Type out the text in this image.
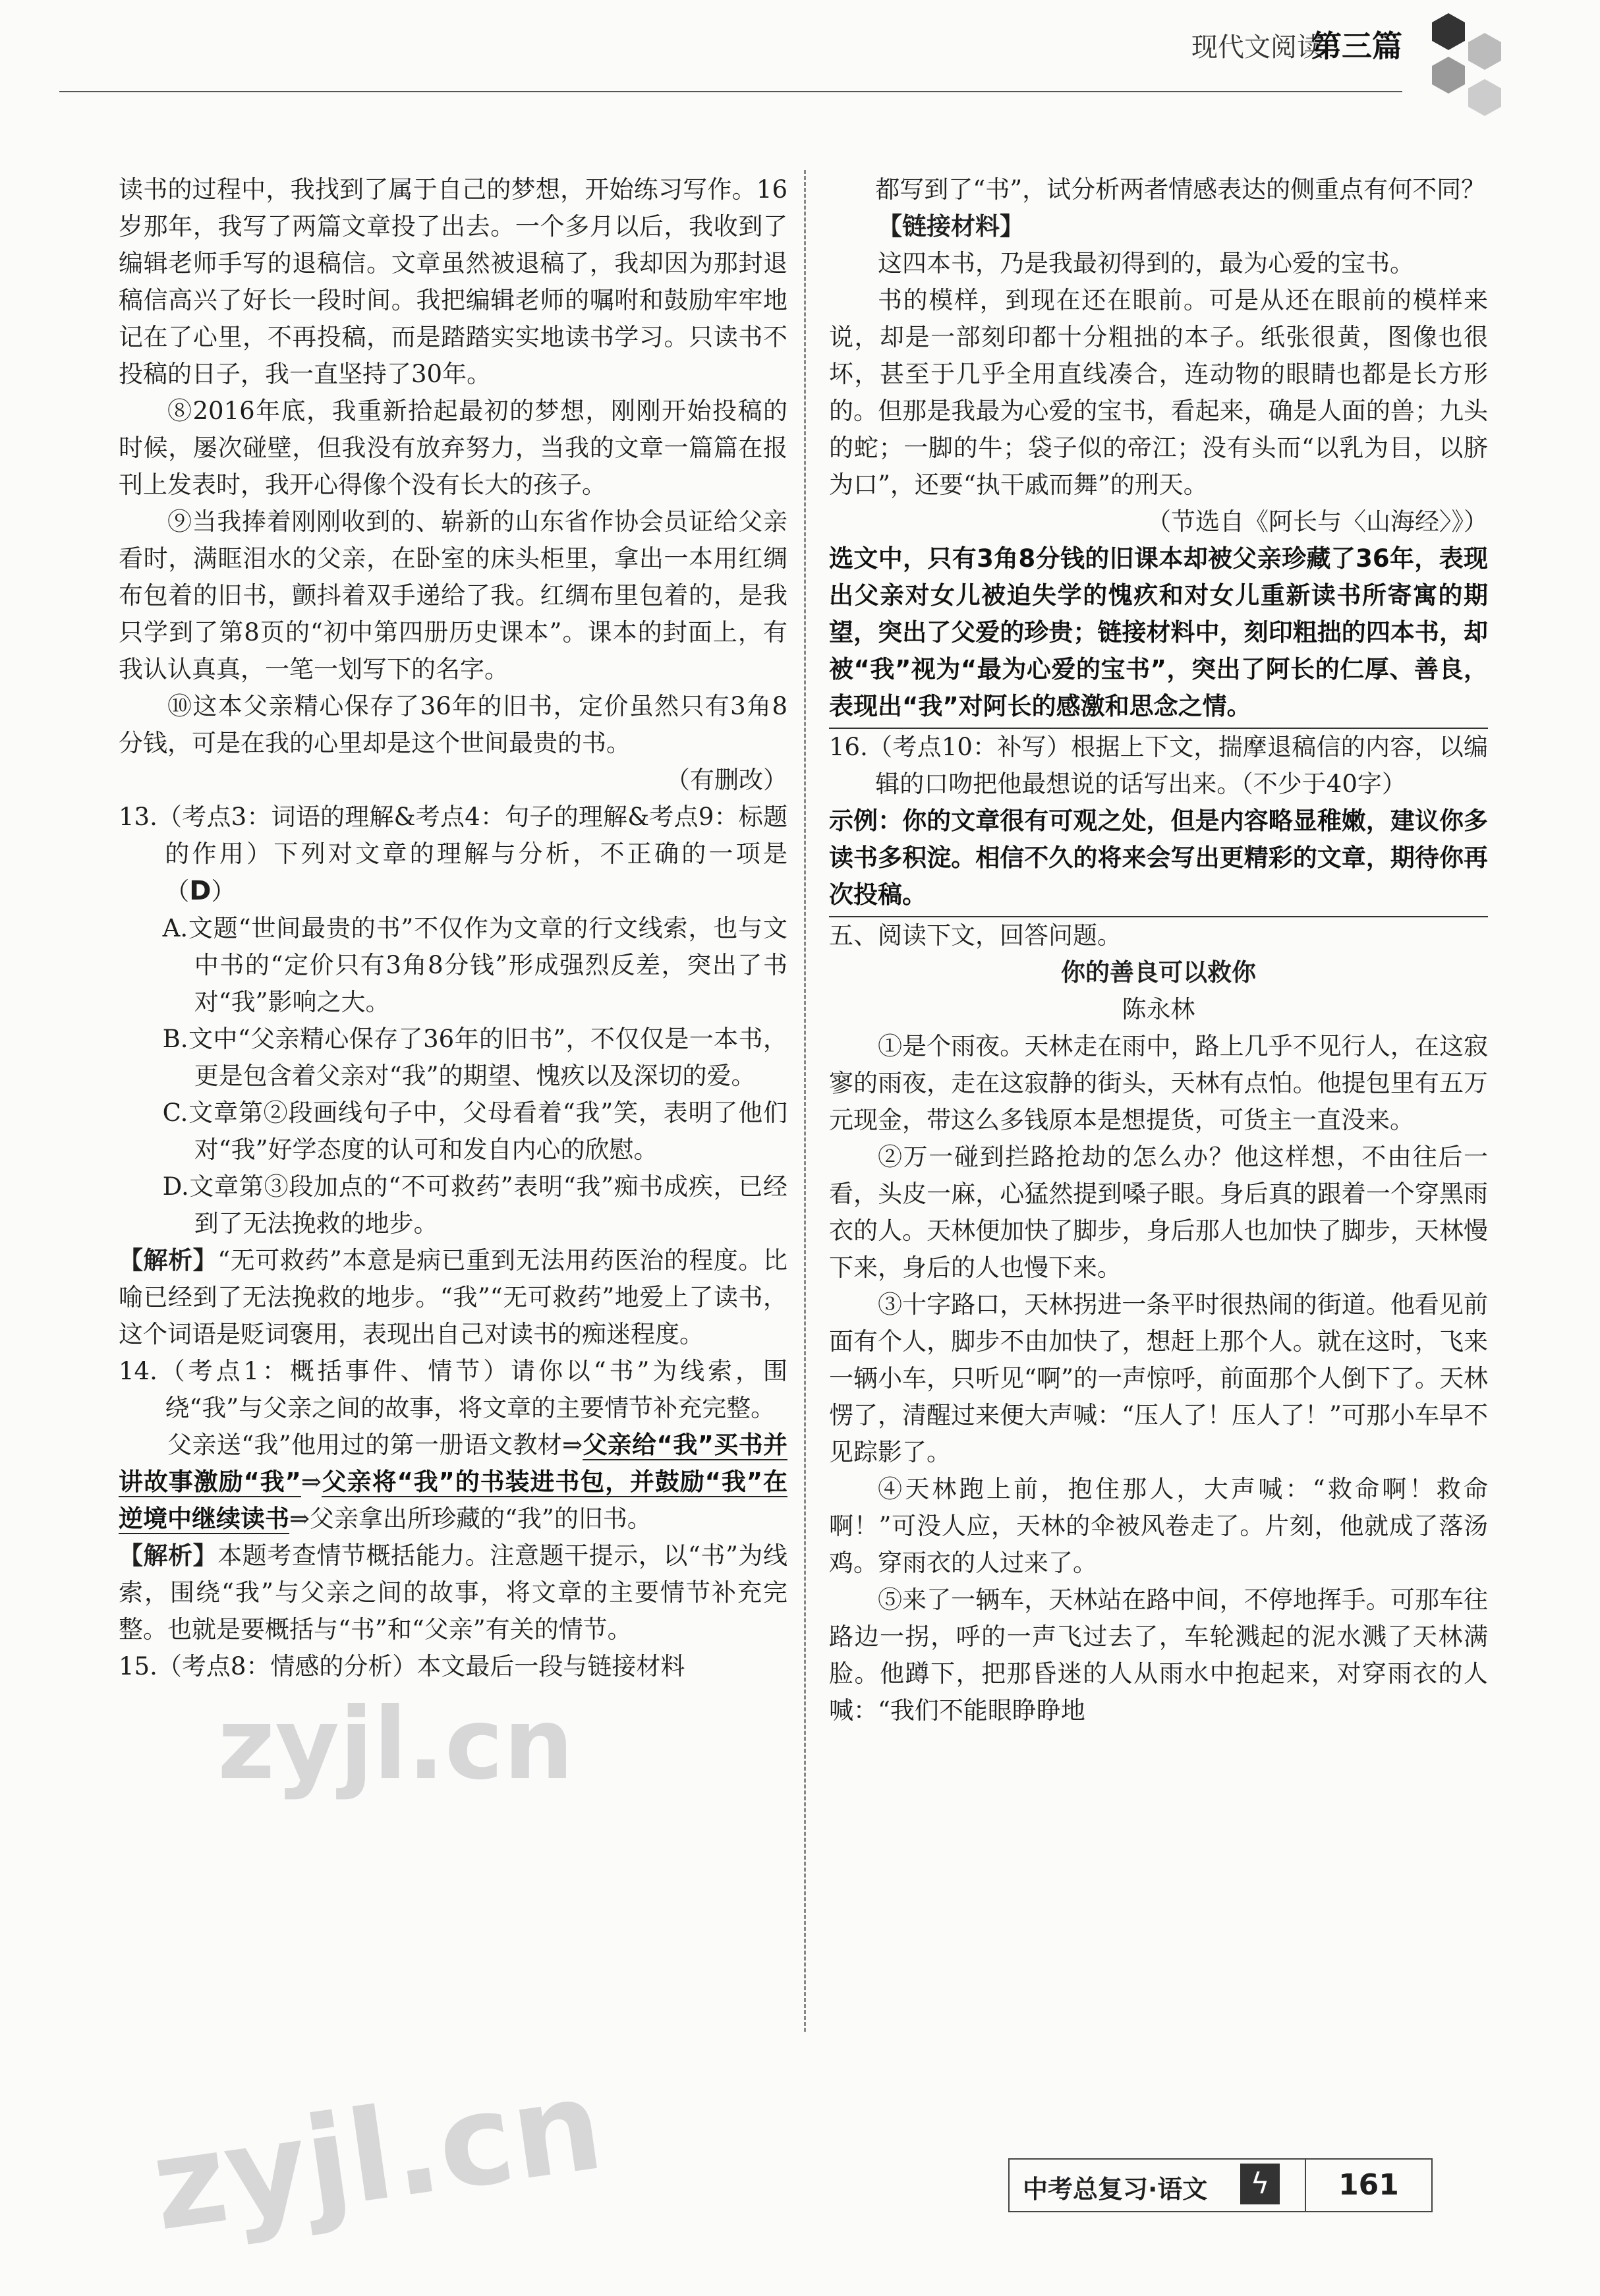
现代文阅读
第三篇

读书的过程中，我找到了属于自己的梦想，开始练习写作。16岁那年，我写了两篇文章投了出去。一个多月以后，我收到了编辑老师手写的退稿信。文章虽然被退稿了，我却因为那封退稿信高兴了好长一段时间。我把编辑老师的嘱咐和鼓励牢牢地记在了心里，不再投稿，而是踏踏实实地读书学习。只读书不投稿的日子，我一直坚持了30年。

⑧2016年底，我重新拾起最初的梦想，刚刚开始投稿的时候，屡次碰壁，但我没有放弃努力，当我的文章一篇篇在报刊上发表时，我开心得像个没有长大的孩子。

⑨当我捧着刚刚收到的、崭新的山东省作协会员证给父亲看时，满眶泪水的父亲，在卧室的床头柜里，拿出一本用红绸布包着的旧书，颤抖着双手递给了我。红绸布里包着的，是我只学到了第8页的“初中第四册历史课本”。课本的封面上，有我认认真真，一笔一划写下的名字。

⑩这本父亲精心保存了36年的旧书，定价虽然只有3角8分钱，可是在我的心里却是这个世间最贵的书。

（有删改）

13.（考点3：词语的理解&考点4：句子的理解&考点9：标题的作用）下列对文章的理解与分析，不正确的一项是（D）

A.文题“世间最贵的书”不仅作为文章的行文线索，也与文中书的“定价只有3角8分钱”形成强烈反差，突出了书对“我”影响之大。

B.文中“父亲精心保存了36年的旧书”，不仅仅是一本书，更是包含着父亲对“我”的期望、愧疚以及深切的爱。

C.文章第②段画线句子中，父母看着“我”笑，表明了他们对“我”好学态度的认可和发自内心的欣慰。

D.文章第③段加点的“不可救药”表明“我”痴书成疾，已经到了无法挽救的地步。

【解析】“无可救药”本意是病已重到无法用药医治的程度。比喻已经到了无法挽救的地步。“我”“无可救药”地爱上了读书，这个词语是贬词褒用，表现出自己对读书的痴迷程度。

14.（考点1：概括事件、情节）请你以“书”为线索，围绕“我”与父亲之间的故事，将文章的主要情节补充完整。

父亲送“我”他用过的第一册语文教材⇒父亲给“我”买书并讲故事激励“我”⇒父亲将“我”的书装进书包，并鼓励“我”在逆境中继续读书⇒父亲拿出所珍藏的“我”的旧书。

【解析】本题考查情节概括能力。注意题干提示，以“书”为线索，围绕“我”与父亲之间的故事，将文章的主要情节补充完整。也就是要概括与“书”和“父亲”有关的情节。

15.（考点8：情感的分析）本文最后一段与链接材料

都写到了“书”，试分析两者情感表达的侧重点有何不同？

【链接材料】

这四本书，乃是我最初得到的，最为心爱的宝书。

书的模样，到现在还在眼前。可是从还在眼前的模样来说，却是一部刻印都十分粗拙的本子。纸张很黄，图像也很坏，甚至于几乎全用直线凑合，连动物的眼睛也都是长方形的。但那是我最为心爱的宝书，看起来，确是人面的兽；九头的蛇；一脚的牛；袋子似的帝江；没有头而“以乳为目，以脐为口”，还要“执干戚而舞”的刑天。

（节选自《阿长与〈山海经〉》）

选文中，只有3角8分钱的旧课本却被父亲珍藏了36年，表现出父亲对女儿被迫失学的愧疚和对女儿重新读书所寄寓的期望，突出了父爱的珍贵；链接材料中，刻印粗拙的四本书，却被“我”视为“最为心爱的宝书”，突出了阿长的仁厚、善良，表现出“我”对阿长的感激和思念之情。

16.（考点10：补写）根据上下文，揣摩退稿信的内容，以编辑的口吻把他最想说的话写出来。（不少于40字）

示例：你的文章很有可观之处，但是内容略显稚嫩，建议你多读书多积淀。相信不久的将来会写出更精彩的文章，期待你再次投稿。

五、阅读下文，回答问题。

你的善良可以救你

陈永林

①是个雨夜。天林走在雨中，路上几乎不见行人，在这寂寥的雨夜，走在这寂静的街头，天林有点怕。他提包里有五万元现金，带这么多钱原本是想提货，可货主一直没来。

②万一碰到拦路抢劫的怎么办？他这样想，不由往后一看，头皮一麻，心猛然提到嗓子眼。身后真的跟着一个穿黑雨衣的人。天林便加快了脚步，身后那人也加快了脚步，天林慢下来，身后的人也慢下来。

③十字路口，天林拐进一条平时很热闹的街道。他看见前面有个人，脚步不由加快了，想赶上那个人。就在这时，飞来一辆小车，只听见“啊”的一声惊呼，前面那个人倒下了。天林愣了，清醒过来便大声喊：“压人了！压人了！”可那小车早不见踪影了。

④天林跑上前，抱住那人，大声喊：“救命啊！救命啊！”可没人应，天林的伞被风卷走了。片刻，他就成了落汤鸡。穿雨衣的人过来了。

⑤来了一辆车，天林站在路中间，不停地挥手。可那车往路边一拐，呼的一声飞过去了，车轮溅起的泥水溅了天林满脸。他蹲下，把那昏迷的人从雨水中抱起来，对穿雨衣的人喊：“我们不能眼睁睁地

zyjl.cn
zyjl.cn	中考总复习·语文	ϟ	161
